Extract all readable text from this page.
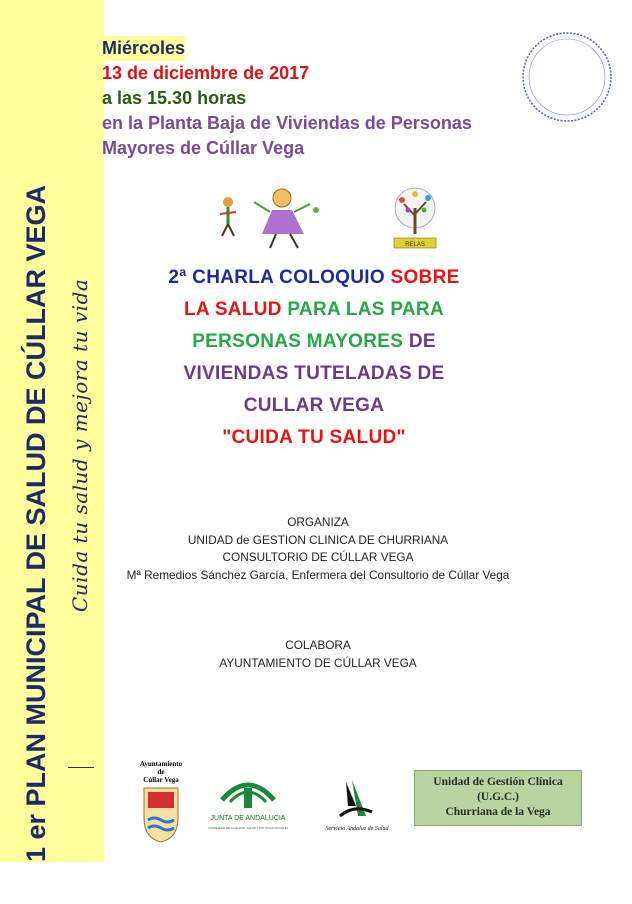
1 er PLAN MUNICIPAL DE SALUD DE CÚLLAR VEGA Cuida tu salud y mejora tu vida
Miércoles
13 de diciembre de 2017
a las 15.30 horas
en la Planta Baja de Viviendas de Personas
Mayores de Cúllar Vega
RELAS
2ª CHARLA COLOQUIO SOBRE
LA SALUD PARA LAS PARA
PERSONAS MAYORES DE
VIVIENDAS TUTELADAS DE
CULLAR VEGA
"CUIDA TU SALUD"
ORGANIZA
UNIDAD de GESTION CLINICA DE CHURRIANA
CONSULTORIO DE CÚLLAR VEGA
Mª Remedios Sánchez García, Enfermera del Consultorio de Cúllar Vega
COLABORA
AYUNTAMIENTO DE CÚLLAR VEGA
Ayuntamiento
de
Cúllar Vega
JUNTA DE ANDALUCIA
CONSEJERÍA DE IGUALDAD, SALUD Y POLÍTICAS SOCIALES	Servicio Andaluz de Salud
Unidad de Gestión Clínica
(U.G.C.)
Churriana de la Vega
